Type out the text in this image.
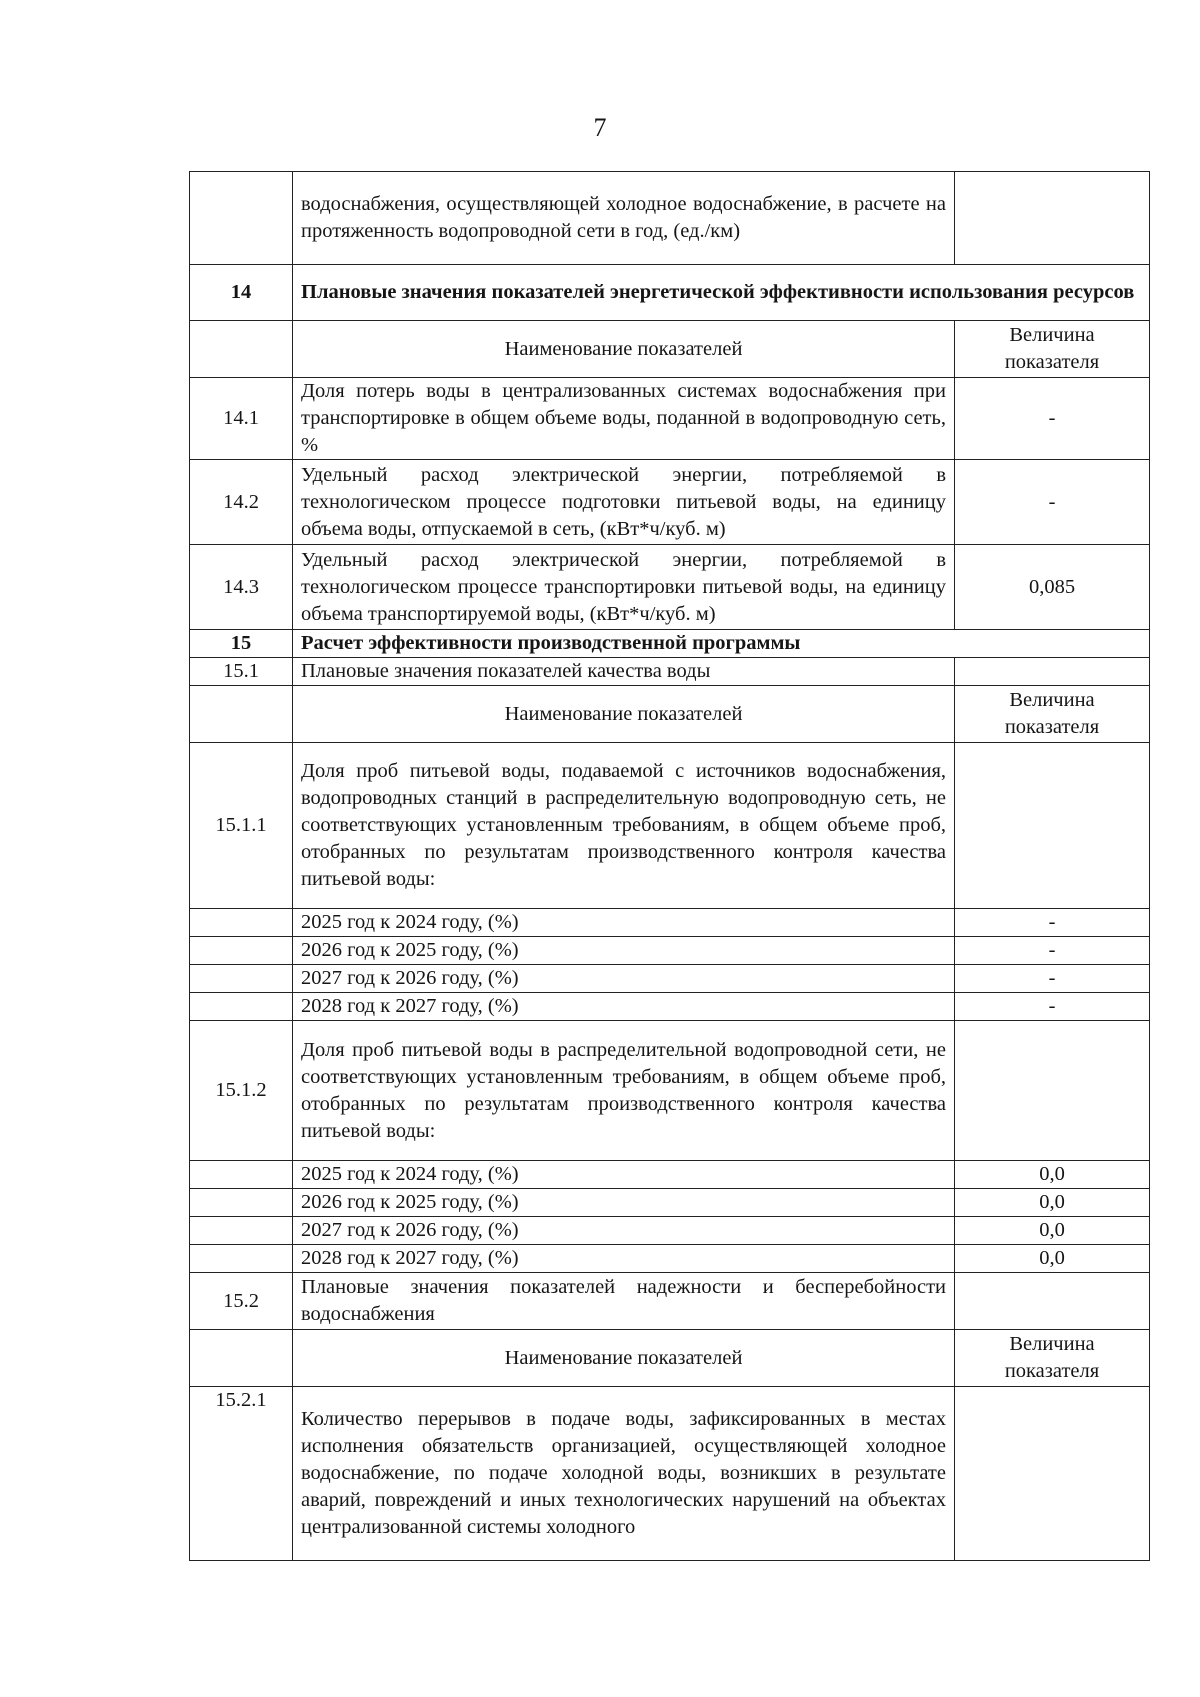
7
	водоснабжения, осуществляющей холодное водоснабжение, в расчете на протяженность водопроводной сети в год, (ед./км)	
14	Плановые значения показателей энергетической эффективности использования ресурсов	
	Наименование показателей	Величина показателя
14.1	Доля потерь воды в централизованных системах водоснабжения при транспортировке в общем объеме воды, поданной в водопроводную сеть, %	-
14.2	Удельный расход электрической энергии, потребляемой в технологическом процессе подготовки питьевой воды, на единицу объема воды, отпускаемой в сеть, (кВт*ч/куб. м)	-
14.3	Удельный расход электрической энергии, потребляемой в технологическом процессе транспортировки питьевой воды, на единицу объема транспортируемой воды, (кВт*ч/куб. м)	0,085
15	Расчет эффективности производственной программы	
15.1	Плановые значения показателей качества воды	
	Наименование показателей	Величина показателя
15.1.1	Доля проб питьевой воды, подаваемой с источников водоснабжения, водопроводных станций в распределительную водопроводную сеть, не соответствующих установленным требованиям, в общем объеме проб, отобранных по результатам производственного контроля качества питьевой воды:	
	2025 год к 2024 году, (%)	-
	2026 год к 2025 году, (%)	-
	2027 год к 2026 году, (%)	-
	2028 год к 2027 году, (%)	-
15.1.2	Доля проб питьевой воды в распределительной водопроводной сети, не соответствующих установленным требованиям, в общем объеме проб, отобранных по результатам производственного контроля качества питьевой воды:	
	2025 год к 2024 году, (%)	0,0
	2026 год к 2025 году, (%)	0,0
	2027 год к 2026 году, (%)	0,0
	2028 год к 2027 году, (%)	0,0
15.2	Плановые значения показателей надежности и бесперебойности водоснабжения	
	Наименование показателей	Величина показателя
15.2.1	Количество перерывов в подаче воды, зафиксированных в местах исполнения обязательств организацией, осуществляющей холодное водоснабжение, по подаче холодной воды, возникших в результате аварий, повреждений и иных технологических нарушений на объектах централизованной системы холодного	
